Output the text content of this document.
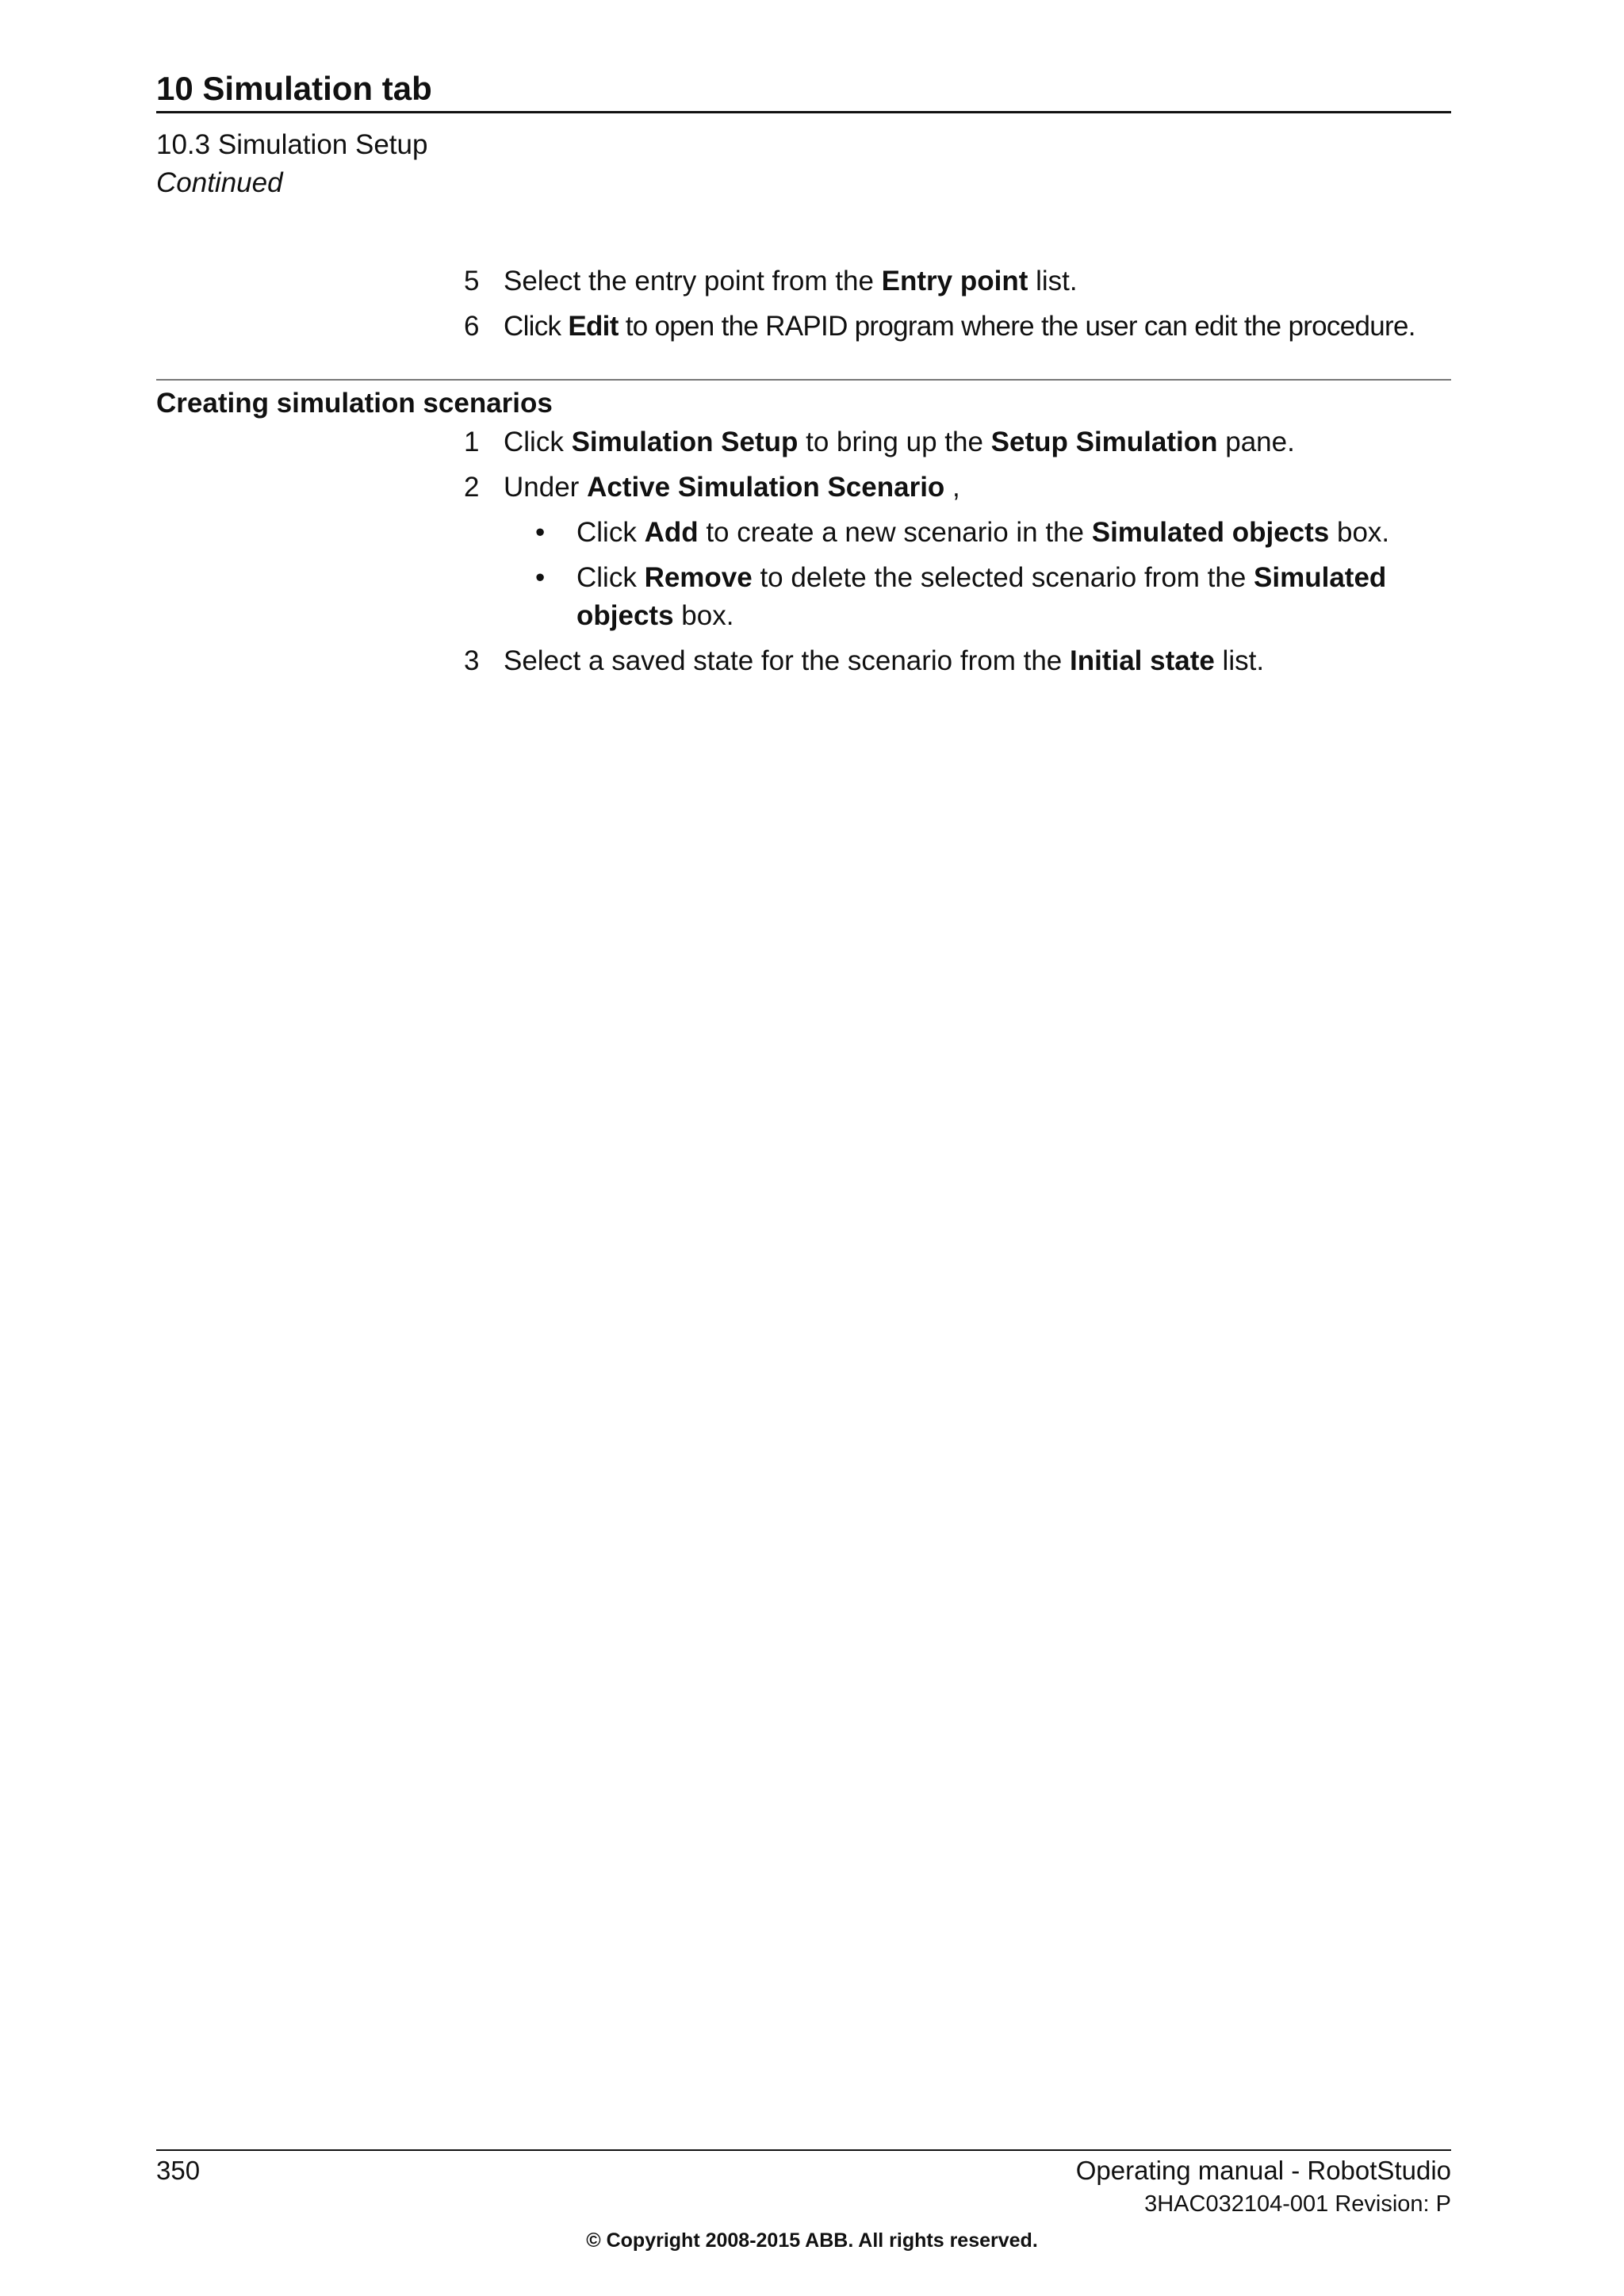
10 Simulation tab
10.3 Simulation Setup
Continued
5 Select the entry point from the Entry point list.
6 Click Edit to open the RAPID program where the user can edit the procedure.
Creating simulation scenarios
1 Click Simulation Setup to bring up the Setup Simulation pane.
2 Under Active Simulation Scenario ,
• Click Add to create a new scenario in the Simulated objects box.
• Click Remove to delete the selected scenario from the Simulated
objects box.
3 Select a saved state for the scenario from the Initial state list.
350	Operating manual - RobotStudio
3HAC032104-001 Revision: P
© Copyright 2008-2015 ABB. All rights reserved.
